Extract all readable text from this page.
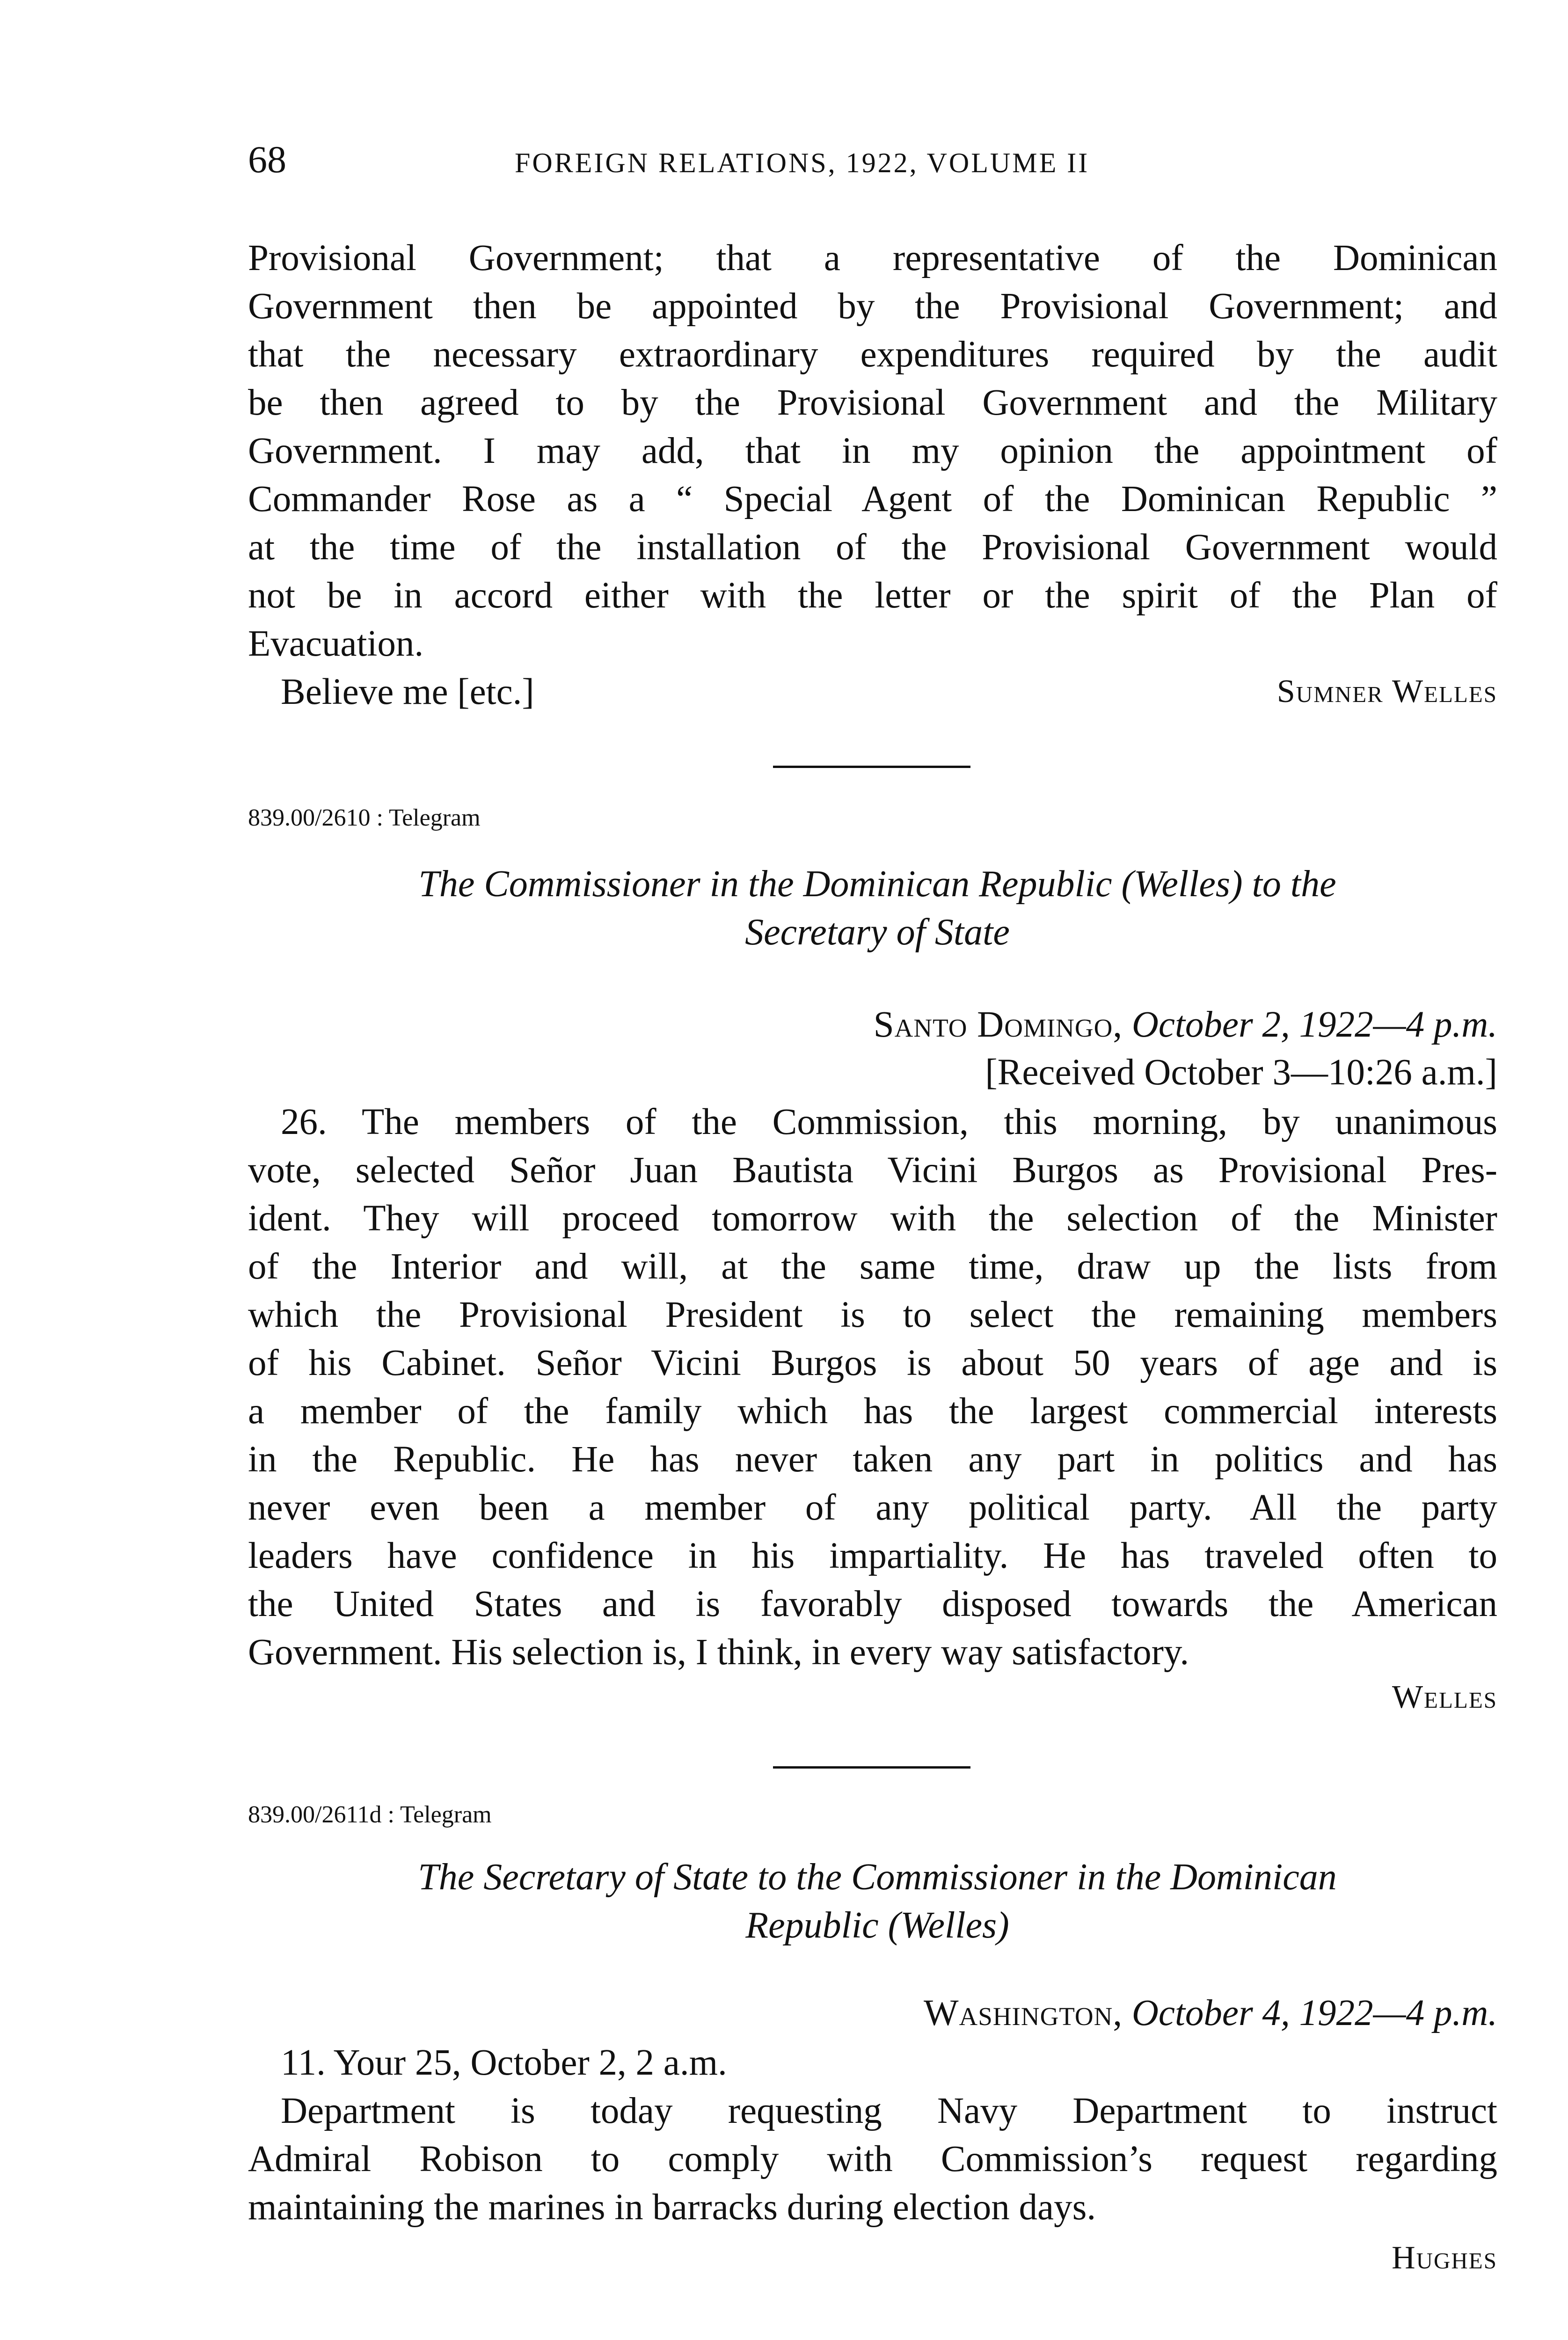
68	FOREIGN RELATIONS, 1922, VOLUME II

Provisional Government; that a representative of the Dominican

Government then be appointed by the Provisional Government; and

that the necessary extraordinary expenditures required by the audit

be then agreed to by the Provisional Government and the Military

Government. I may add, that in my opinion the appointment of

Commander Rose as a “ Special Agent of the Dominican Republic ”

at the time of the installation of the Provisional Government would

not be in accord either with the letter or the spirit of the Plan of

Evacuation.

Believe me [etc.]	Sumner Welles
839.00/2610 : Telegram
The Commissioner in the Dominican Republic (Welles) to the
Secretary of State
Santo Domingo, October 2, 1922—4 p.m.
[Received October 3—10:26 a.m.]

26. The members of the Commission, this morning, by unanimous

vote, selected Señor Juan Bautista Vicini Burgos as Provisional Pres-

ident. They will proceed tomorrow with the selection of the Minister

of the Interior and will, at the same time, draw up the lists from

which the Provisional President is to select the remaining members

of his Cabinet. Señor Vicini Burgos is about 50 years of age and is

a member of the family which has the largest commercial interests

in the Republic. He has never taken any part in politics and has

never even been a member of any political party. All the party

leaders have confidence in his impartiality. He has traveled often to

the United States and is favorably disposed towards the American

Government. His selection is, I think, in every way satisfactory.

Welles
839.00/2611d : Telegram
The Secretary of State to the Commissioner in the Dominican
Republic (Welles)
Washington, October 4, 1922—4 p.m.

11. Your 25, October 2, 2 a.m.

Department is today requesting Navy Department to instruct

Admiral Robison to comply with Commission’s request regarding

maintaining the marines in barracks during election days.

Hughes
